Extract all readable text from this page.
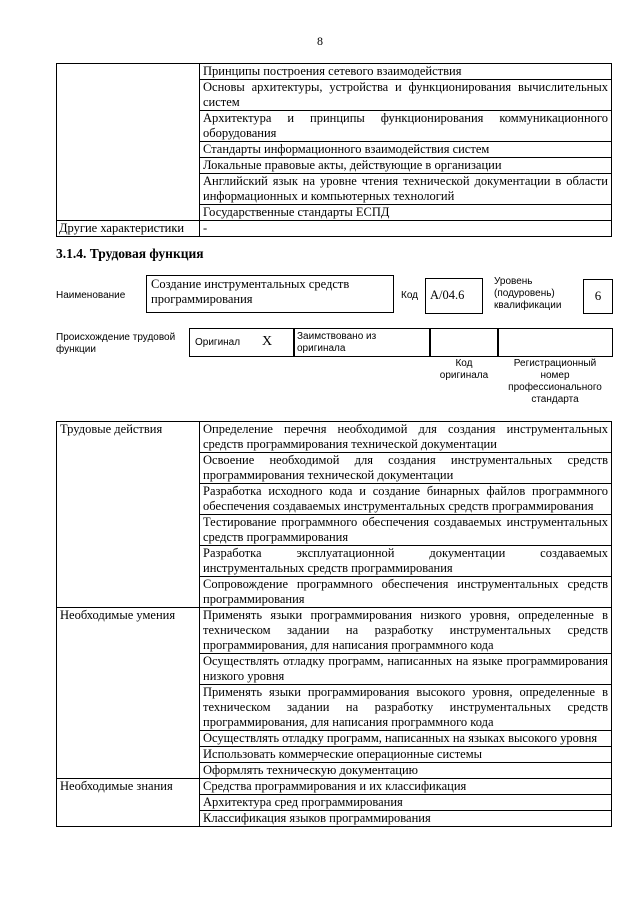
8
	Принципы построения сетевого взаимодействия
	Основы архитектуры, устройства и функционирования вычислительных систем
	Архитектура и принципы функционирования коммуникационного оборудования
	Стандарты информационного взаимодействия систем
	Локальные правовые акты, действующие в организации
	Английский язык на уровне чтения технической документации в области информационных и компьютерных технологий
	Государственные стандарты ЕСПД
Другие характеристики	-
3.1.4. Трудовая функция
Наименование
Создание инструментальных средств программирования	Код A/04.6
Уровень (подуровень) квалификации
6
Происхождение трудовой функции
Оригинал X Заимствовано из оригинала
Код оригинала
Регистрационный номер профессионального стандарта
Трудовые действия	Определение перечня необходимой для создания инструментальных средств программирования технической документации
	Освоение необходимой для создания инструментальных средств программирования технической документации
	Разработка исходного кода и создание бинарных файлов программного обеспечения создаваемых инструментальных средств программирования
	Тестирование программного обеспечения создаваемых инструментальных средств программирования
	Разработка эксплуатационной документации создаваемых инструментальных средств программирования
	Сопровождение программного обеспечения инструментальных средств программирования
Необходимые умения	Применять языки программирования низкого уровня, определенные в техническом задании на разработку инструментальных средств программирования, для написания программного кода
	Осуществлять отладку программ, написанных на языке программирования низкого уровня
	Применять языки программирования высокого уровня, определенные в техническом задании на разработку инструментальных средств программирования, для написания программного кода
	Осуществлять отладку программ, написанных на языках высокого уровня
	Использовать коммерческие операционные системы
	Оформлять техническую документацию
Необходимые знания	Средства программирования и их классификация
	Архитектура сред программирования
	Классификация языков программирования
